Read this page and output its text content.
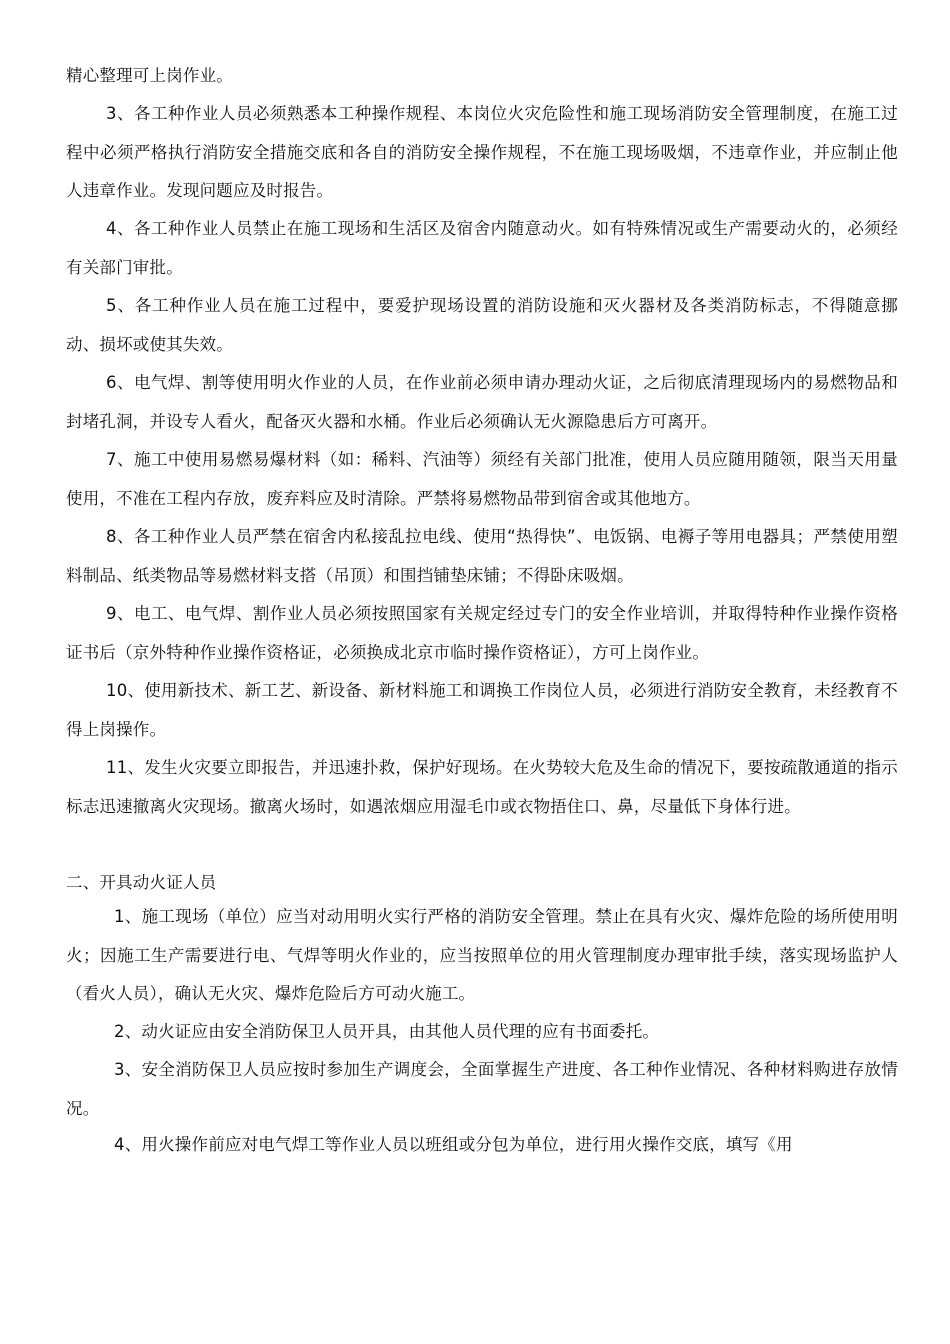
精心整理可上岗作业。

3、各工种作业人员必须熟悉本工种操作规程、本岗位火灾危险性和施工现场消防安全管理制度，在施工过程中必须严格执行消防安全措施交底和各自的消防安全操作规程，不在施工现场吸烟，不违章作业，并应制止他人违章作业。发现问题应及时报告。

4、各工种作业人员禁止在施工现场和生活区及宿舍内随意动火。如有特殊情况或生产需要动火的，必须经有关部门审批。

5、各工种作业人员在施工过程中，要爱护现场设置的消防设施和灭火器材及各类消防标志，不得随意挪动、损坏或使其失效。

6、电气焊、割等使用明火作业的人员，在作业前必须申请办理动火证，之后彻底清理现场内的易燃物品和封堵孔洞，并设专人看火，配备灭火器和水桶。作业后必须确认无火源隐患后方可离开。

7、施工中使用易燃易爆材料（如：稀料、汽油等）须经有关部门批准，使用人员应随用随领，限当天用量使用，不准在工程内存放，废弃料应及时清除。严禁将易燃物品带到宿舍或其他地方。

8、各工种作业人员严禁在宿舍内私接乱拉电线、使用“热得快”、电饭锅、电褥子等用电器具；严禁使用塑料制品、纸类物品等易燃材料支搭（吊顶）和围挡铺垫床铺；不得卧床吸烟。

9、电工、电气焊、割作业人员必须按照国家有关规定经过专门的安全作业培训，并取得特种作业操作资格证书后（京外特种作业操作资格证，必须换成北京市临时操作资格证），方可上岗作业。

10、使用新技术、新工艺、新设备、新材料施工和调换工作岗位人员，必须进行消防安全教育，未经教育不得上岗操作。

11、发生火灾要立即报告，并迅速扑救，保护好现场。在火势较大危及生命的情况下，要按疏散通道的指示标志迅速撤离火灾现场。撤离火场时，如遇浓烟应用湿毛巾或衣物捂住口、鼻，尽量低下身体行进。

二、开具动火证人员

1、施工现场（单位）应当对动用明火实行严格的消防安全管理。禁止在具有火灾、爆炸危险的场所使用明火；因施工生产需要进行电、气焊等明火作业的，应当按照单位的用火管理制度办理审批手续，落实现场监护人（看火人员），确认无火灾、爆炸危险后方可动火施工。

2、动火证应由安全消防保卫人员开具，由其他人员代理的应有书面委托。

3、安全消防保卫人员应按时参加生产调度会，全面掌握生产进度、各工种作业情况、各种材料购进存放情况。

4、用火操作前应对电气焊工等作业人员以班组或分包为单位，进行用火操作交底，填写《用
